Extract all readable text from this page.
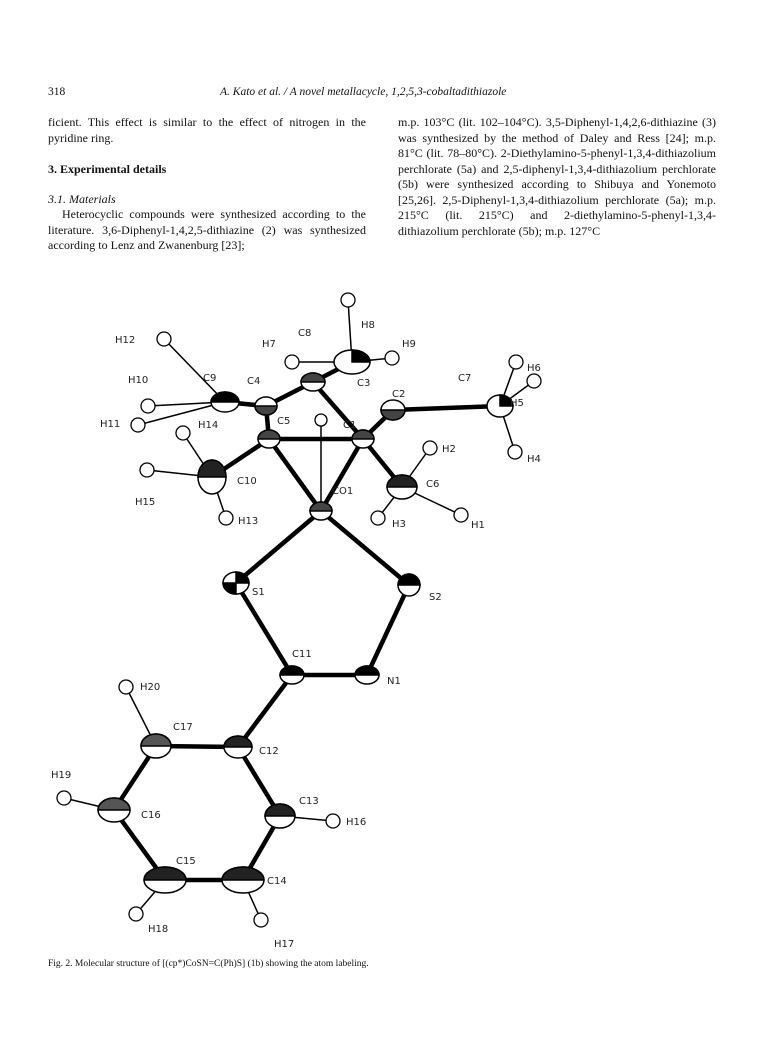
318	A. Kato et al. / A novel metallacycle, 1,2,5,3-cobaltadithiazole

ficient. This effect is similar to the effect of nitrogen in the pyridine ring.

3. Experimental details

3.1. Materials

Heterocyclic compounds were synthesized according to the literature. 3,6-Diphenyl-1,4,2,5-dithiazine (2) was synthesized according to Lenz and Zwanenburg [23];

m.p. 103°C (lit. 102–104°C). 3,5-Diphenyl-1,4,2,6-dithiazine (3) was synthesized by the method of Daley and Ress [24]; m.p. 81°C (lit. 78–80°C). 2-Diethylamino-5-phenyl-1,3,4-dithiazolium perchlorate (5a) and 2,5-diphenyl-1,3,4-dithiazolium perchlorate (5b) were synthesized according to Shibuya and Yonemoto [25,26]. 2,5-Diphenyl-1,3,4-dithiazolium perchlorate (5a); m.p. 215°C (lit. 215°C) and 2-diethylamino-5-phenyl-1,3,4-dithiazolium perchlorate (5b); m.p. 127°C

H12
H10
H11
C9
H7
C8
H8
H9
C4	C3
C2
C7
H6
H5
H4
H14	C5	C1
H2
C10	C6
H15
CO1
H13	H3	H1
S1	S2
C11
N1
H20
C17
C12
H19
C16
C13
H16
C15
C14
H18
H17
Fig. 2. Molecular structure of [(cp*)CoSN=C(Ph)S] (1b) showing the atom labeling.
